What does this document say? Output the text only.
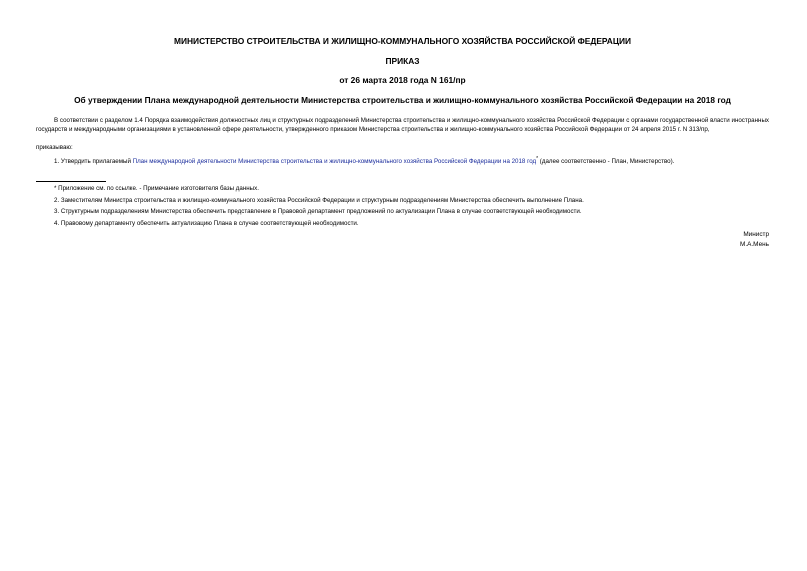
МИНИСТЕРСТВО СТРОИТЕЛЬСТВА И ЖИЛИЩНО-КОММУНАЛЬНОГО ХОЗЯЙСТВА РОССИЙСКОЙ ФЕДЕРАЦИИ
ПРИКАЗ
от 26 марта 2018 года N 161/пр
Об утверждении Плана международной деятельности Министерства строительства и жилищно-коммунального хозяйства Российской Федерации на 2018 год
В соответствии с разделом 1.4 Порядка взаимодействия должностных лиц и структурных подразделений Министерства строительства и жилищно-коммунального хозяйства Российской Федерации с органами государственной власти иностранных государств и международными организациями в установленной сфере деятельности, утвержденного приказом Министерства строительства и жилищно-коммунального хозяйства Российской Федерации от 24 апреля 2015 г. N 313/пр,
приказываю:
1. Утвердить прилагаемый План международной деятельности Министерства строительства и жилищно-коммунального хозяйства Российской Федерации на 2018 год* (далее соответственно - План, Министерство).
* Приложение см. по ссылке. - Примечание изготовителя базы данных.
2. Заместителям Министра строительства и жилищно-коммунального хозяйства Российской Федерации и структурным подразделениям Министерства обеспечить выполнение Плана.
3. Структурным подразделениям Министерства обеспечить представление в Правовой департамент предложений по актуализации Плана в случае соответствующей необходимости.
4. Правовому департаменту обеспечить актуализацию Плана в случае соответствующей необходимости.
Министр
М.А.Мень
